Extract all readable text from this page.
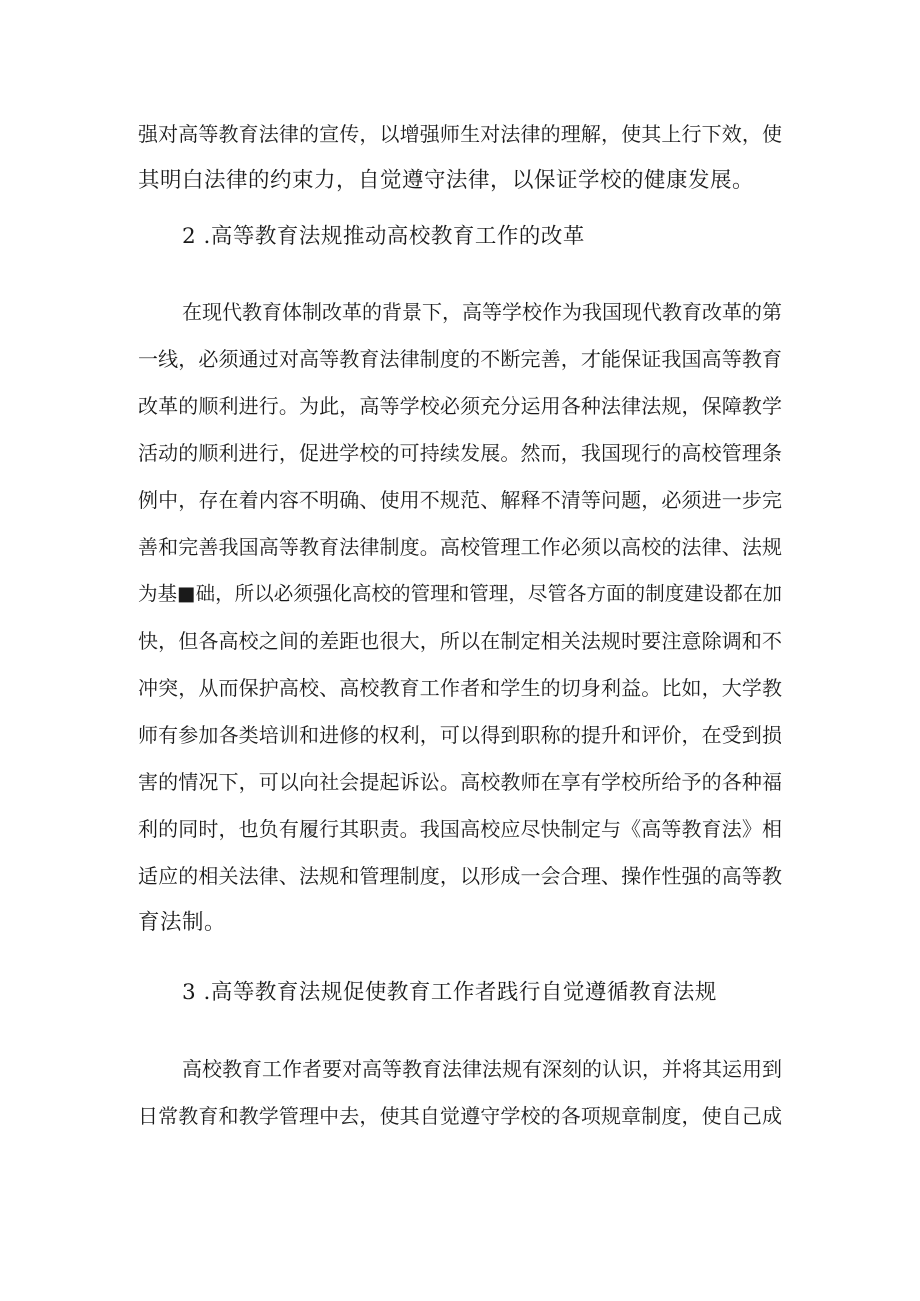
强对高等教育法律的宣传，以增强师生对法律的理解，使其上行下效，使
其明白法律的约束力，自觉遵守法律，以保证学校的健康发展。
2 .高等教育法规推动高校教育工作的改革
在现代教育体制改革的背景下，高等学校作为我国现代教育改革的第
一线，必须通过对高等教育法律制度的不断完善，才能保证我国高等教育
改革的顺利进行。为此，高等学校必须充分运用各种法律法规，保障教学
活动的顺利进行，促进学校的可持续发展。然而，我国现行的高校管理条
例中，存在着内容不明确、使用不规范、解释不清等问题，必须进一步完
善和完善我国高等教育法律制度。高校管理工作必须以高校的法律、法规
为基■础，所以必须强化高校的管理和管理，尽管各方面的制度建设都在加
快，但各高校之间的差距也很大，所以在制定相关法规时要注意除调和不
冲突，从而保护高校、高校教育工作者和学生的切身利益。比如，大学教
师有参加各类培训和进修的权利，可以得到职称的提升和评价，在受到损
害的情况下，可以向社会提起诉讼。高校教师在享有学校所给予的各种福
利的同时，也负有履行其职责。我国高校应尽快制定与《高等教育法》相
适应的相关法律、法规和管理制度，以形成一会合理、操作性强的高等教
育法制。
3 .高等教育法规促使教育工作者践行自觉遵循教育法规
高校教育工作者要对高等教育法律法规有深刻的认识，并将其运用到
日常教育和教学管理中去，使其自觉遵守学校的各项规章制度，使自己成
